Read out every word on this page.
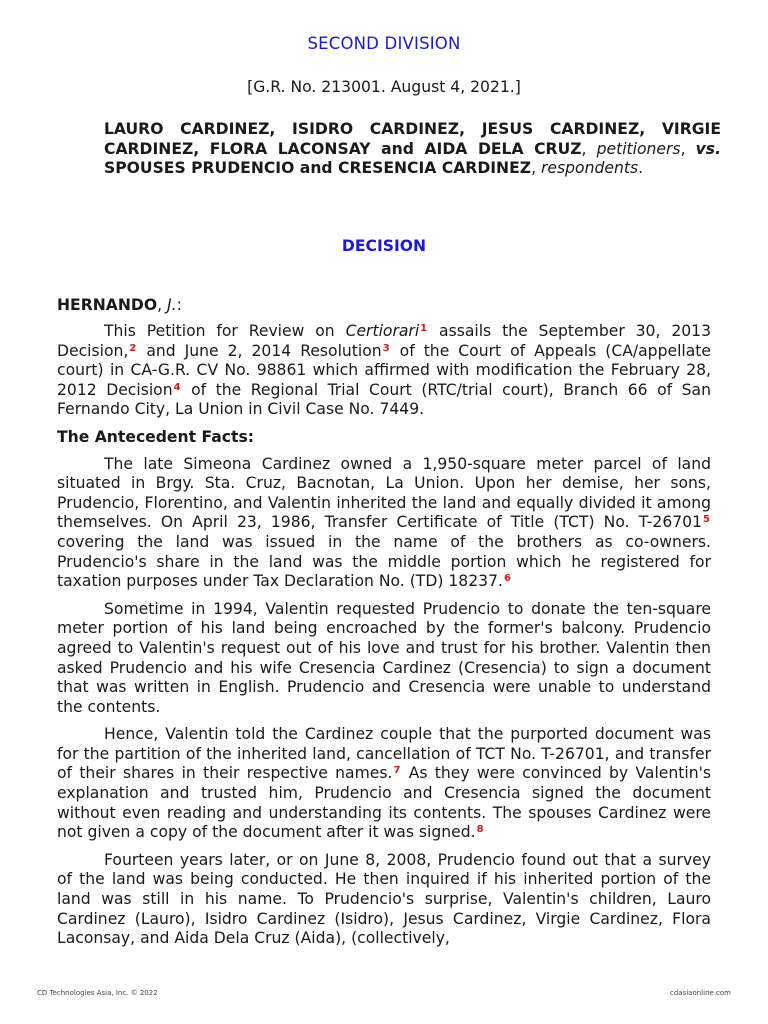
SECOND DIVISION
[G.R. No. 213001. August 4, 2021.]
LAURO CARDINEZ, ISIDRO CARDINEZ, JESUS CARDINEZ, VIRGIE CARDINEZ, FLORA LACONSAY and AIDA DELA CRUZ, petitioners, vs. SPOUSES PRUDENCIO and CRESENCIA CARDINEZ, respondents.
DECISION
HERNANDO, J.:

This Petition for Review on Certiorari$^1$ assails the September 30, 2013 Decision,$^2$ and June 2, 2014 Resolution$^3$ of the Court of Appeals (CA/appellate court) in CA-G.R. CV No. 98861 which affirmed with modification the February 28, 2012 Decision$^4$ of the Regional Trial Court (RTC/trial court), Branch 66 of San Fernando City, La Union in Civil Case No. 7449.

The Antecedent Facts:

The late Simeona Cardinez owned a 1,950-square meter parcel of land situated in Brgy. Sta. Cruz, Bacnotan, La Union. Upon her demise, her sons, Prudencio, Florentino, and Valentin inherited the land and equally divided it among themselves. On April 23, 1986, Transfer Certificate of Title (TCT) No. T-26701$^5$ covering the land was issued in the name of the brothers as co-owners. Prudencio's share in the land was the middle portion which he registered for taxation purposes under Tax Declaration No. (TD) 18237.$^6$

Sometime in 1994, Valentin requested Prudencio to donate the ten-square meter portion of his land being encroached by the former's balcony. Prudencio agreed to Valentin's request out of his love and trust for his brother. Valentin then asked Prudencio and his wife Cresencia Cardinez (Cresencia) to sign a document that was written in English. Prudencio and Cresencia were unable to understand the contents.

Hence, Valentin told the Cardinez couple that the purported document was for the partition of the inherited land, cancellation of TCT No. T-26701, and transfer of their shares in their respective names.$^7$ As they were convinced by Valentin's explanation and trusted him, Prudencio and Cresencia signed the document without even reading and understanding its contents. The spouses Cardinez were not given a copy of the document after it was signed.$^8$

Fourteen years later, or on June 8, 2008, Prudencio found out that a survey of the land was being conducted. He then inquired if his inherited portion of the land was still in his name. To Prudencio's surprise, Valentin's children, Lauro Cardinez (Lauro), Isidro Cardinez (Isidro), Jesus Cardinez, Virgie Cardinez, Flora Laconsay, and Aida Dela Cruz (Aida), (collectively,

CD Technologies Asia, Inc. © 2022	cdasiaonline.com
